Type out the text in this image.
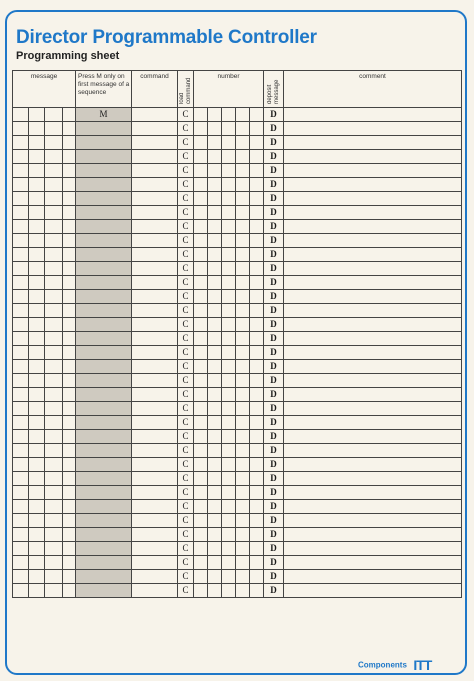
Director Programmable Controller
Programming sheet
message				Press M only on first message of a sequence	command	load command	number					deposit message	comment
				M		C						D	
						C						D	
						C						D	
						C						D	
						C						D	
						C						D	
						C						D	
						C						D	
						C						D	
						C						D	
						C						D	
						C						D	
						C						D	
						C						D	
						C						D	
						C						D	
						C						D	
						C						D	
						C						D	
						C						D	
						C						D	
						C						D	
						C						D	
						C						D	
						C						D	
						C						D	
						C						D	
						C						D	
						C						D	
						C						D	
						C						D	
						C						D	
						C						D	
						C						D	
						C						D	
Components ITT
